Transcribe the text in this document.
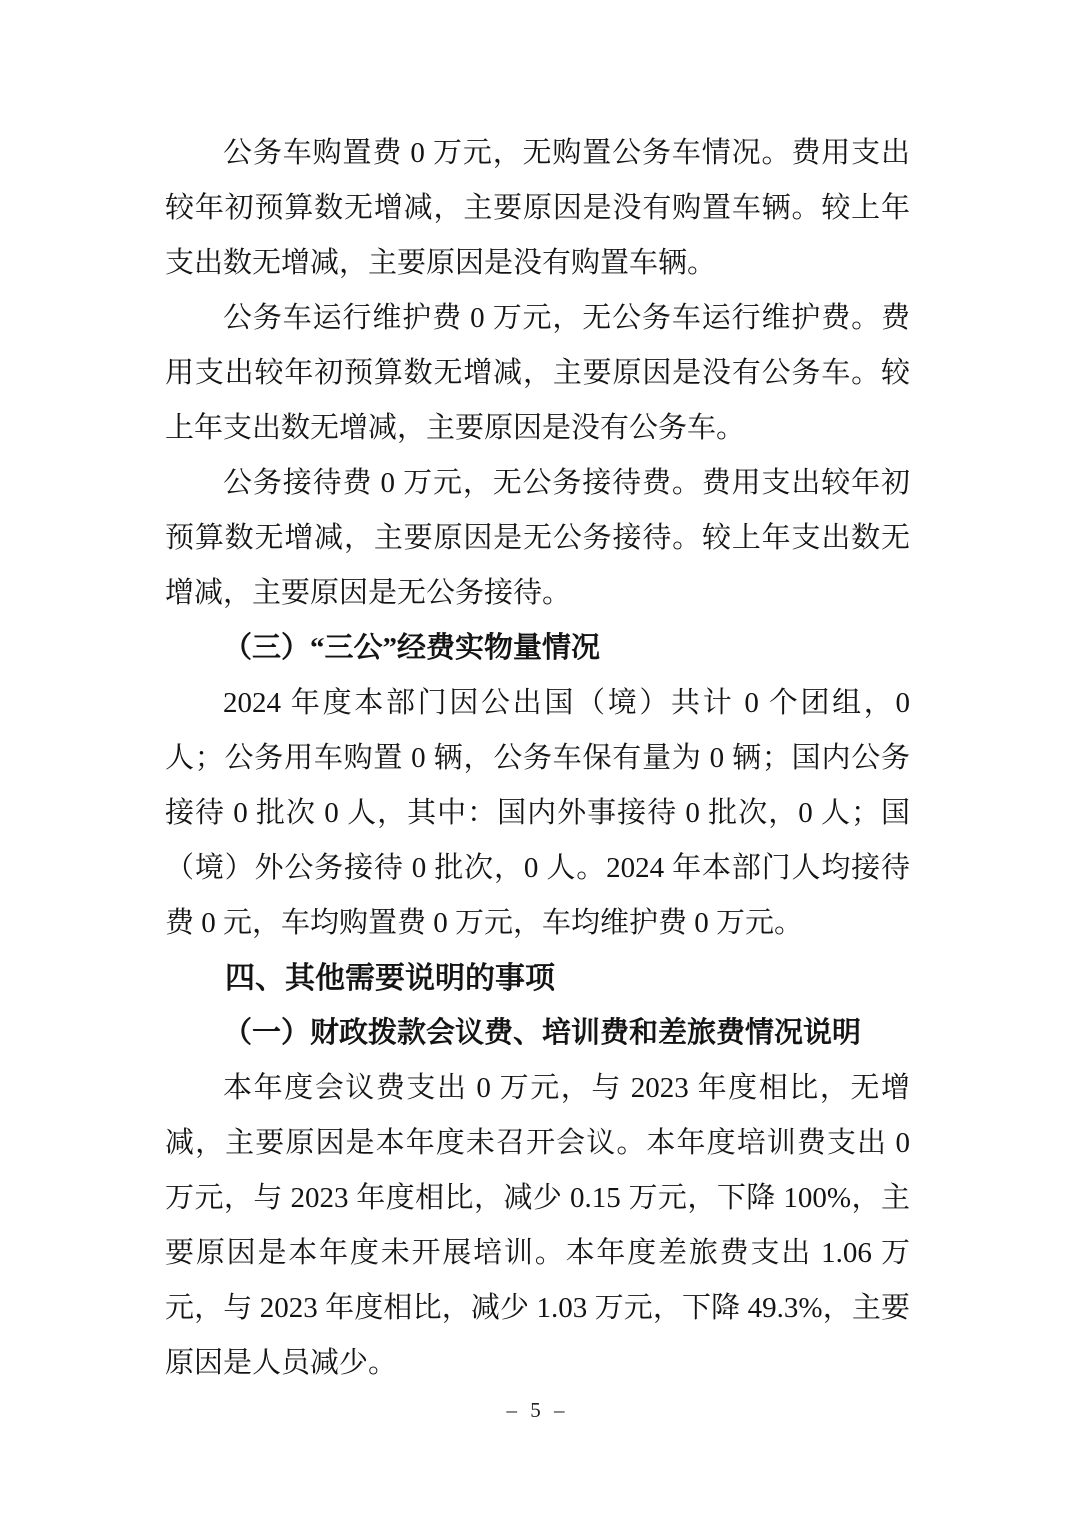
公务车购置费 0 万元，无购置公务车情况。费用支出较年初预算数无增减，主要原因是没有购置车辆。较上年支出数无增减，主要原因是没有购置车辆。

公务车运行维护费 0 万元，无公务车运行维护费。费用支出较年初预算数无增减，主要原因是没有公务车。较上年支出数无增减，主要原因是没有公务车。

公务接待费 0 万元，无公务接待费。费用支出较年初预算数无增减，主要原因是无公务接待。较上年支出数无增减，主要原因是无公务接待。

（三）“三公”经费实物量情况

2024 年度本部门因公出国（境）共计 0 个团组，0 人；公务用车购置 0 辆，公务车保有量为 0 辆；国内公务接待 0 批次 0 人，其中：国内外事接待 0 批次，0 人；国（境）外公务接待 0 批次，0 人。2024 年本部门人均接待费 0 元，车均购置费 0 万元，车均维护费 0 万元。

四、其他需要说明的事项

（一）财政拨款会议费、培训费和差旅费情况说明

本年度会议费支出 0 万元，与 2023 年度相比，无增减，主要原因是本年度未召开会议。本年度培训费支出 0 万元，与 2023 年度相比，减少 0.15 万元，下降 100%，主要原因是本年度未开展培训。本年度差旅费支出 1.06 万元，与 2023 年度相比，减少 1.03 万元，下降 49.3%，主要原因是人员减少。

– 5 –
